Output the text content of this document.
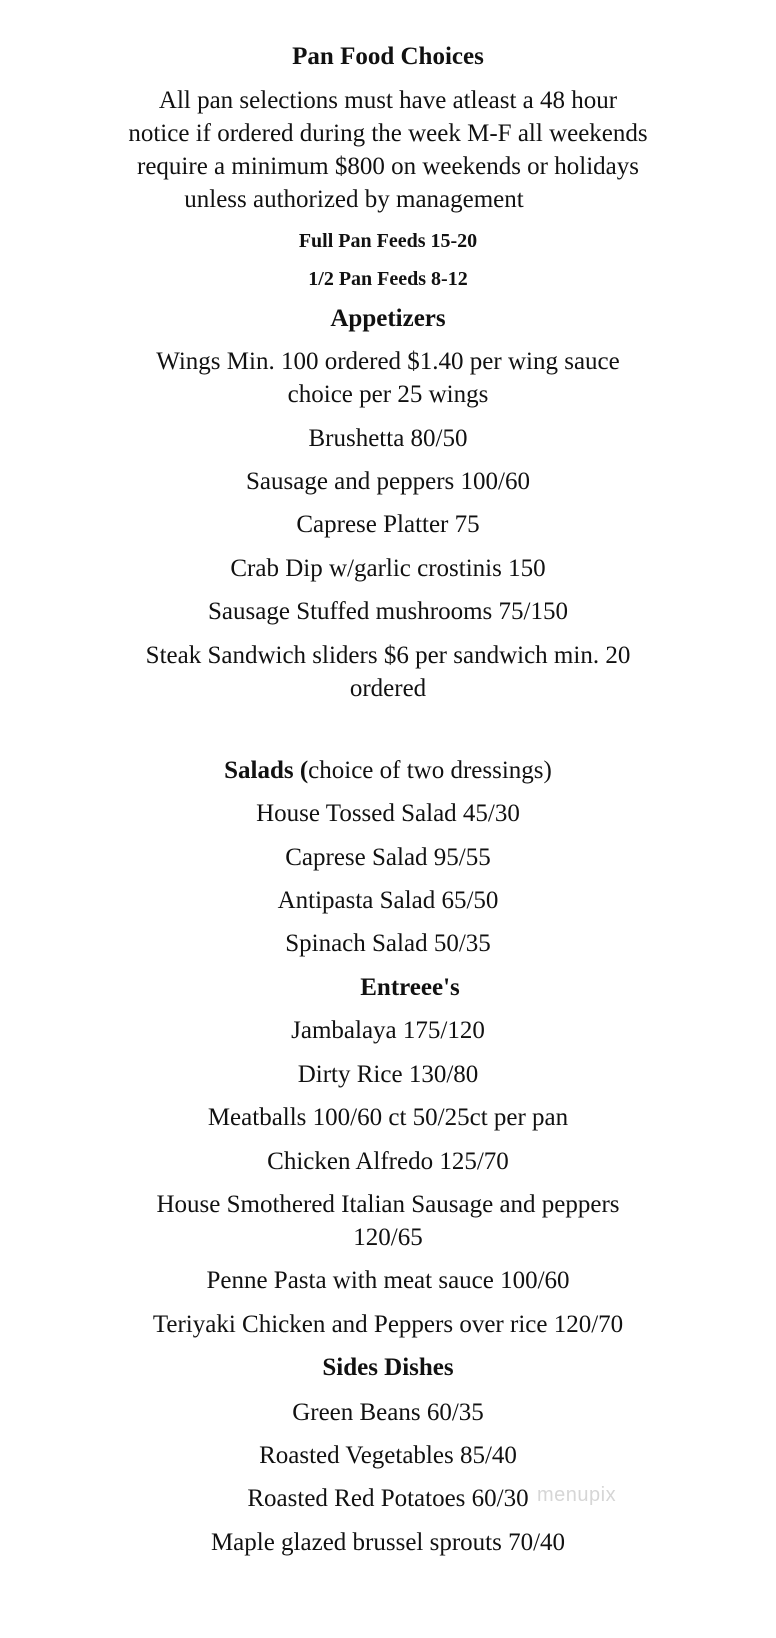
Pan Food Choices
All pan selections must have atleast a 48 hour
notice if ordered during the week M-F all weekends
require a minimum $800 on weekends or holidays
unless authorized by management
Full Pan Feeds 15-20
1/2 Pan Feeds 8-12
Appetizers
Wings Min. 100 ordered $1.40 per wing sauce
choice per 25 wings
Brushetta 80/50
Sausage and peppers 100/60
Caprese Platter 75
Crab Dip w/garlic crostinis 150
Sausage Stuffed mushrooms 75/150
Steak Sandwich sliders $6 per sandwich min. 20
ordered
Salads (choice of two dressings)
House Tossed Salad 45/30
Caprese Salad 95/55
Antipasta Salad 65/50
Spinach Salad 50/35
Entreee's
Jambalaya 175/120
Dirty Rice 130/80
Meatballs 100/60 ct 50/25ct per pan
Chicken Alfredo 125/70
House Smothered Italian Sausage and peppers
120/65
Penne Pasta with meat sauce 100/60
Teriyaki Chicken and Peppers over rice 120/70
Sides Dishes
Green Beans 60/35
Roasted Vegetables 85/40
Roasted Red Potatoes 60/30
Maple glazed brussel sprouts 70/40
menupix
